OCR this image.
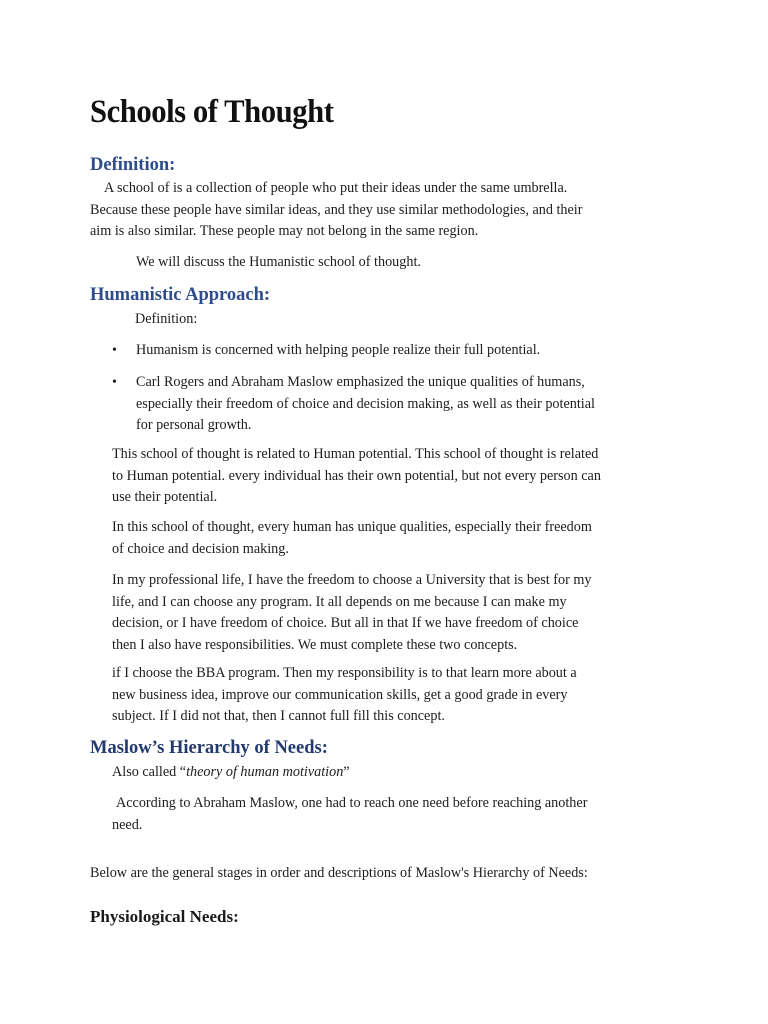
Schools of Thought
Definition:
A school of is a collection of people who put their ideas under the same umbrella.
Because these people have similar ideas, and they use similar methodologies, and their
aim is also similar. These people may not belong in the same region.
We will discuss the Humanistic school of thought.
Humanistic Approach:
Definition:
• Humanism is concerned with helping people realize their full potential.
• Carl Rogers and Abraham Maslow emphasized the unique qualities of humans,
especially their freedom of choice and decision making, as well as their potential
for personal growth.
This school of thought is related to Human potential. This school of thought is related
to Human potential. every individual has their own potential, but not every person can
use their potential.
In this school of thought, every human has unique qualities, especially their freedom
of choice and decision making.
In my professional life, I have the freedom to choose a University that is best for my
life, and I can choose any program. It all depends on me because I can make my
decision, or I have freedom of choice. But all in that If we have freedom of choice
then I also have responsibilities. We must complete these two concepts.
if I choose the BBA program. Then my responsibility is to that learn more about a
new business idea, improve our communication skills, get a good grade in every
subject. If I did not that, then I cannot full fill this concept.
Maslow’s Hierarchy of Needs:
Also called “theory of human motivation”
According to Abraham Maslow, one had to reach one need before reaching another
need.
Below are the general stages in order and descriptions of Maslow's Hierarchy of Needs:
Physiological Needs:
